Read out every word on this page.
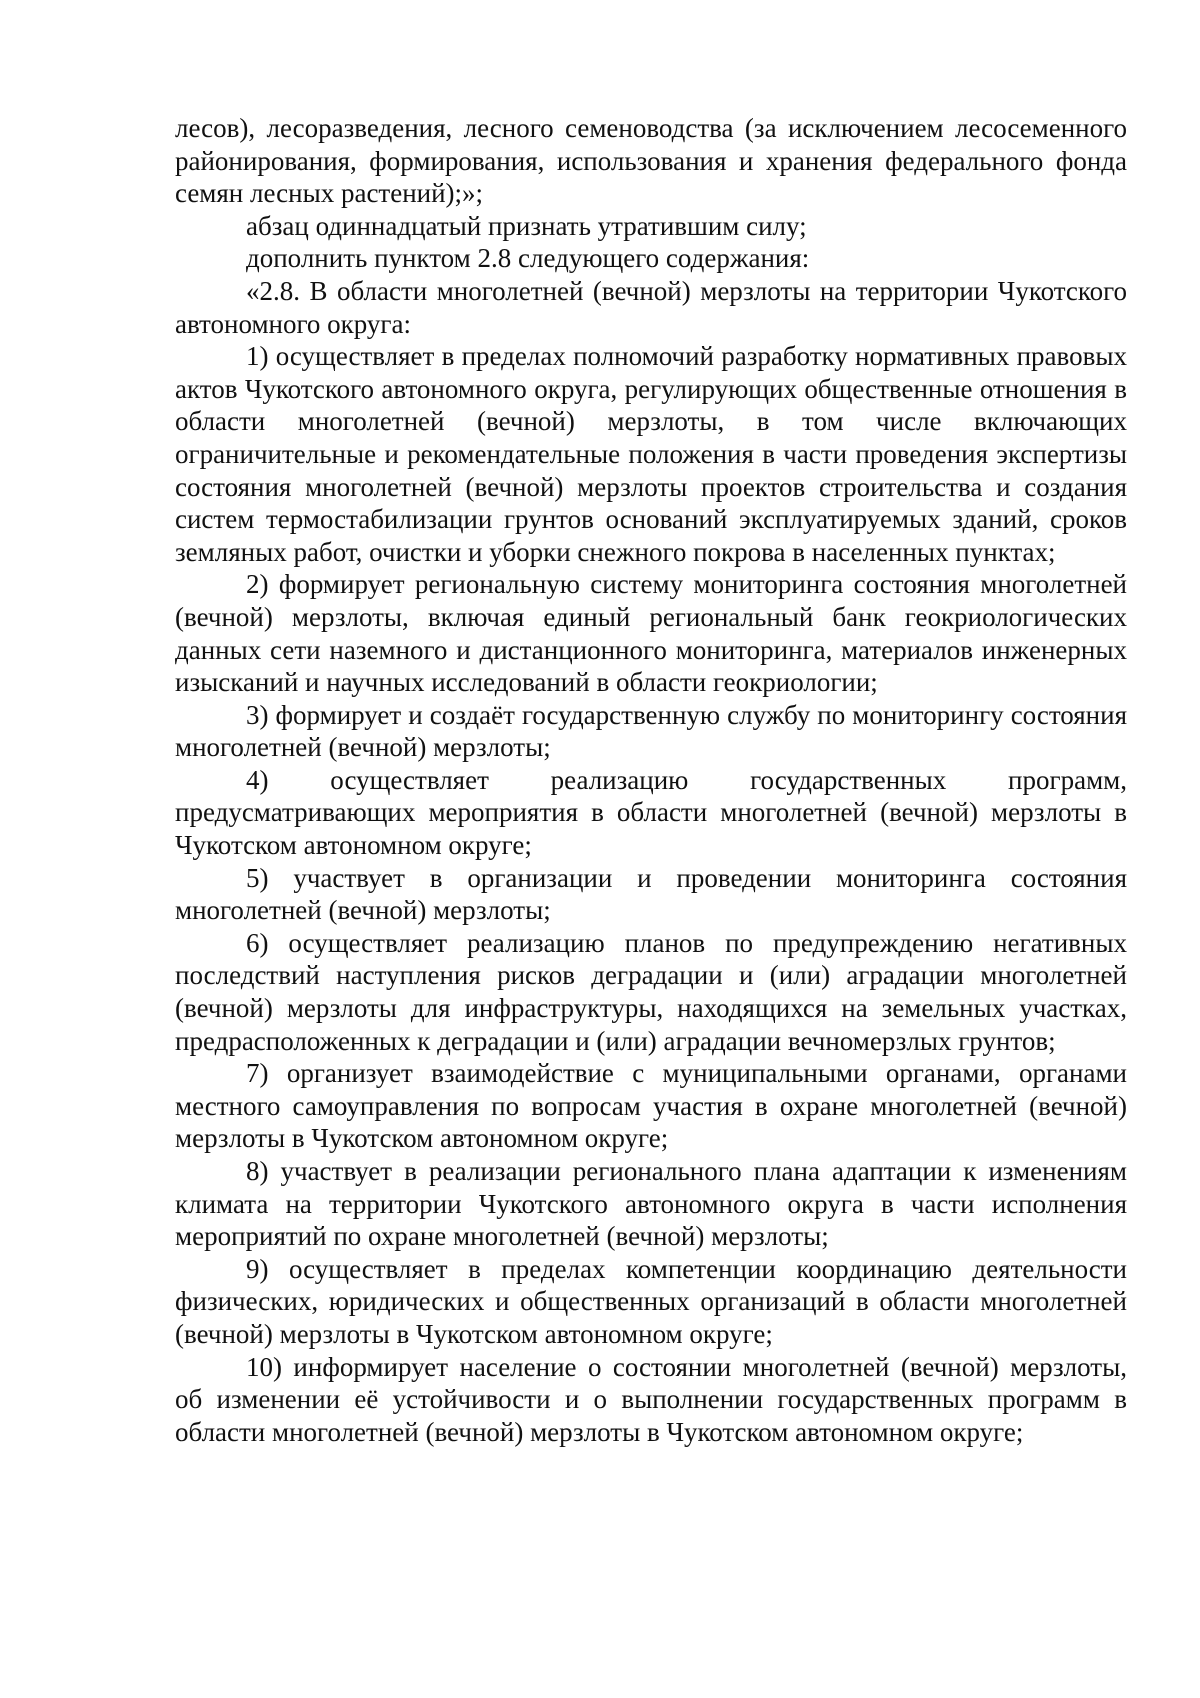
лесов), лесоразведения, лесного семеноводства (за исключением лесосеменного районирования, формирования, использования и хранения федерального фонда семян лесных растений);»;

абзац одиннадцатый признать утратившим силу;

дополнить пунктом 2.8 следующего содержания:

«2.8. В области многолетней (вечной) мерзлоты на территории Чукотского автономного округа:

1) осуществляет в пределах полномочий разработку нормативных правовых актов Чукотского автономного округа, регулирующих общественные отношения в области многолетней (вечной) мерзлоты, в том числе включающих ограничительные и рекомендательные положения в части проведения экспертизы состояния многолетней (вечной) мерзлоты проектов строительства и создания систем термостабилизации грунтов оснований эксплуатируемых зданий, сроков земляных работ, очистки и уборки снежного покрова в населенных пунктах;

2) формирует региональную систему мониторинга состояния многолетней (вечной) мерзлоты, включая единый региональный банк геокриологических данных сети наземного и дистанционного мониторинга, материалов инженерных изысканий и научных исследований в области геокриологии;

3) формирует и создаёт государственную службу по мониторингу состояния многолетней (вечной) мерзлоты;

4) осуществляет реализацию государственных программ, предусматривающих мероприятия в области многолетней (вечной) мерзлоты в Чукотском автономном округе;

5) участвует в организации и проведении мониторинга состояния многолетней (вечной) мерзлоты;

6) осуществляет реализацию планов по предупреждению негативных последствий наступления рисков деградации и (или) аградации многолетней (вечной) мерзлоты для инфраструктуры, находящихся на земельных участках, предрасположенных к деградации и (или) аградации вечномерзлых грунтов;

7) организует взаимодействие с муниципальными органами, органами местного самоуправления по вопросам участия в охране многолетней (вечной) мерзлоты в Чукотском автономном округе;

8) участвует в реализации регионального плана адаптации к изменениям климата на территории Чукотского автономного округа в части исполнения мероприятий по охране многолетней (вечной) мерзлоты;

9) осуществляет в пределах компетенции координацию деятельности физических, юридических и общественных организаций в области многолетней (вечной) мерзлоты в Чукотском автономном округе;

10) информирует население о состоянии многолетней (вечной) мерзлоты, об изменении её устойчивости и о выполнении государственных программ в области многолетней (вечной) мерзлоты в Чукотском автономном округе;
